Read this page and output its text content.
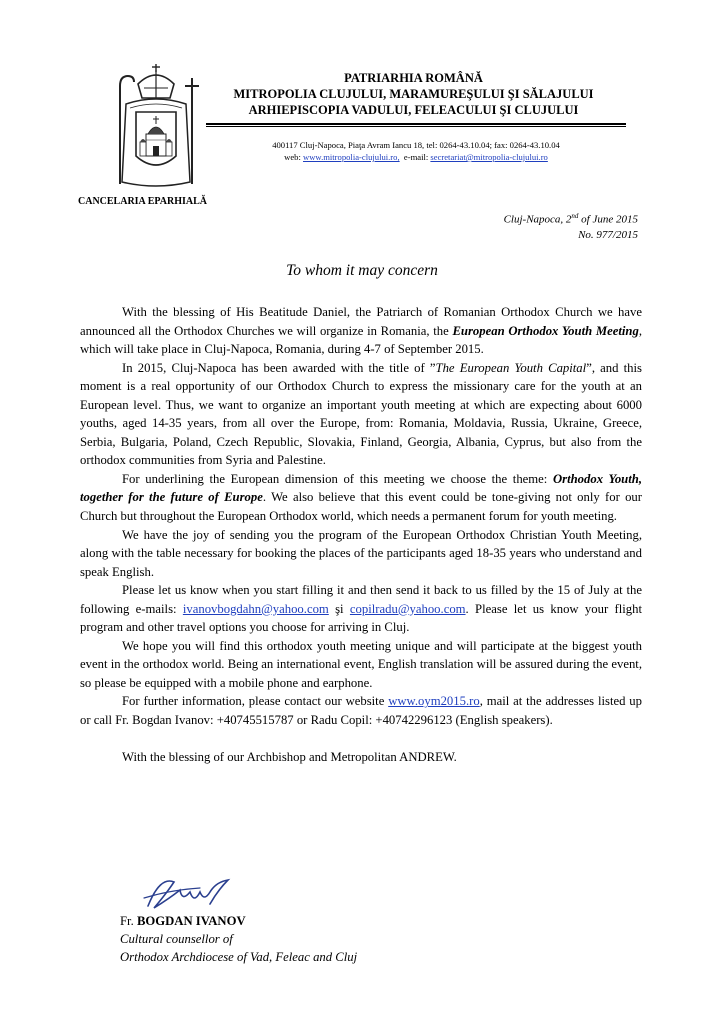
PATRIARHIA ROMÂNĂ
MITROPOLIA CLUJULUI, MARAMUREŞULUI ŞI SĂLAJULUI
ARHIEPISCOPIA VADULUI, FELEACULUI ŞI CLUJULUI
400117 Cluj-Napoca, Piaţa Avram Iancu 18, tel: 0264-43.10.04; fax: 0264-43.10.04
web: www.mitropolia-clujului.ro, e-mail: secretariat@mitropolia-clujului.ro
CANCELARIA EPARHIALĂ
Cluj-Napoca, 2nd of June 2015
No. 977/2015
To whom it may concern

With the blessing of His Beatitude Daniel, the Patriarch of Romanian Orthodox Church we have announced all the Orthodox Churches we will organize in Romania, the European Orthodox Youth Meeting, which will take place in Cluj-Napoca, Romania, during 4-7 of September 2015.

In 2015, Cluj-Napoca has been awarded with the title of ”The European Youth Capital”, and this moment is a real opportunity of our Orthodox Church to express the missionary care for the youth at an European level. Thus, we want to organize an important youth meeting at which are expecting about 6000 youths, aged 14-35 years, from all over the Europe, from: Romania, Moldavia, Russia, Ukraine, Greece, Serbia, Bulgaria, Poland, Czech Republic, Slovakia, Finland, Georgia, Albania, Cyprus, but also from the orthodox communities from Syria and Palestine.

For underlining the European dimension of this meeting we choose the theme: Orthodox Youth, together for the future of Europe. We also believe that this event could be tone-giving not only for our Church but throughout the European Orthodox world, which needs a permanent forum for youth meeting.

We have the joy of sending you the program of the European Orthodox Christian Youth Meeting, along with the table necessary for booking the places of the participants aged 18-35 years who understand and speak English.

Please let us know when you start filling it and then send it back to us filled by the 15 of July at the following e-mails: ivanovbogdahn@yahoo.com şi copilradu@yahoo.com. Please let us know your flight program and other travel options you choose for arriving in Cluj.

We hope you will find this orthodox youth meeting unique and will participate at the biggest youth event in the orthodox world. Being an international event, English translation will be assured during the event, so please be equipped with a mobile phone and earphone.

For further information, please contact our website www.oym2015.ro, mail at the addresses listed up or call Fr. Bogdan Ivanov: +40745515787 or Radu Copil: +40742296123 (English speakers).

With the blessing of our Archbishop and Metropolitan ANDREW.

Fr. BOGDAN IVANOV
Cultural counsellor of
Orthodox Archdiocese of Vad, Feleac and Cluj
